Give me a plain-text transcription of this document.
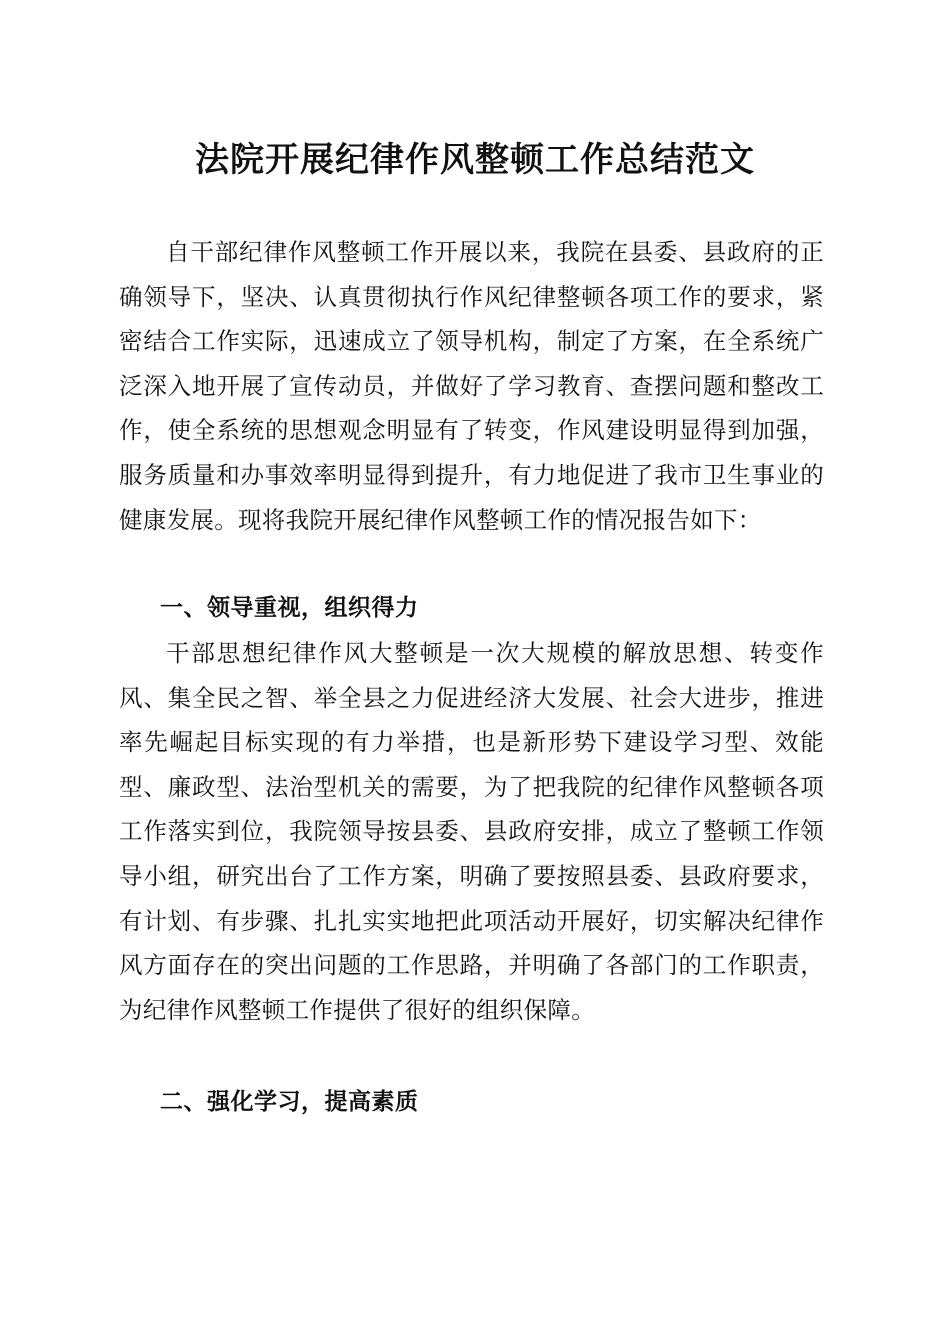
法院开展纪律作风整顿工作总结范文

自干部纪律作风整顿工作开展以来，我院在县委、县政府的正确领导下，坚决、认真贯彻执行作风纪律整顿各项工作的要求，紧密结合工作实际，迅速成立了领导机构，制定了方案，在全系统广泛深入地开展了宣传动员，并做好了学习教育、查摆问题和整改工作，使全系统的思想观念明显有了转变，作风建设明显得到加强，服务质量和办事效率明显得到提升，有力地促进了我市卫生事业的健康发展。现将我院开展纪律作风整顿工作的情况报告如下：

一、领导重视，组织得力

干部思想纪律作风大整顿是一次大规模的解放思想、转变作风、集全民之智、举全县之力促进经济大发展、社会大进步，推进率先崛起目标实现的有力举措，也是新形势下建设学习型、效能型、廉政型、法治型机关的需要，为了把我院的纪律作风整顿各项工作落实到位，我院领导按县委、县政府安排，成立了整顿工作领导小组，研究出台了工作方案，明确了要按照县委、县政府要求，有计划、有步骤、扎扎实实地把此项活动开展好，切实解决纪律作风方面存在的突出问题的工作思路，并明确了各部门的工作职责，为纪律作风整顿工作提供了很好的组织保障。

二、强化学习，提高素质
